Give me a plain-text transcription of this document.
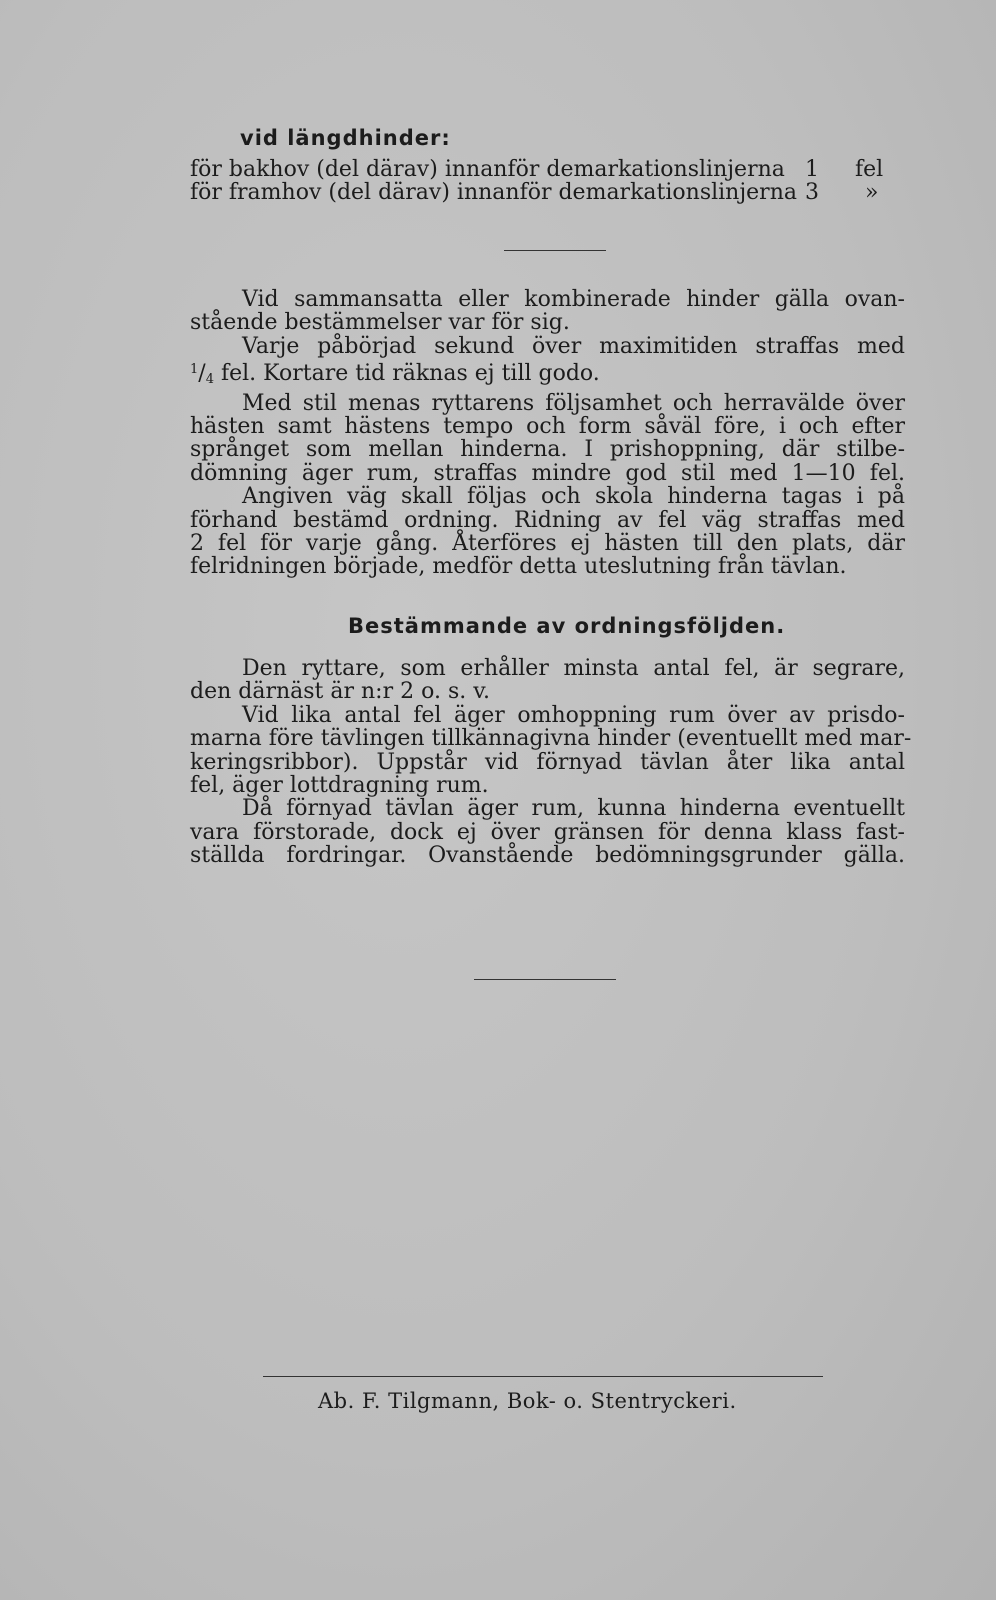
vid längdhinder:
för bakhov (del därav) innanför demarkationslinjerna 1 fel
för framhov (del därav) innanför demarkationslinjerna 3 »
Vid sammansatta eller kombinerade hinder gälla ovan-
stående bestämmelser var för sig.
Varje påbörjad sekund över maximitiden straffas med
$^1/_4$ fel. Kortare tid räknas ej till godo.
Med stil menas ryttarens följsamhet och herravälde över
hästen samt hästens tempo och form såväl före, i och efter
språnget som mellan hinderna. I prishoppning, där stilbe-
dömning äger rum, straffas mindre god stil med 1—10 fel.
Angiven väg skall följas och skola hinderna tagas i på
förhand bestämd ordning. Ridning av fel väg straffas med
2 fel för varje gång. Återföres ej hästen till den plats, där
felridningen började, medför detta uteslutning från tävlan.
Bestämmande av ordningsföljden.
Den ryttare, som erhåller minsta antal fel, är segrare,
den därnäst är n:r 2 o. s. v.
Vid lika antal fel äger omhoppning rum över av prisdo-
marna före tävlingen tillkännagivna hinder (eventuellt med mar-
keringsribbor). Uppstår vid förnyad tävlan åter lika antal
fel, äger lottdragning rum.
Då förnyad tävlan äger rum, kunna hinderna eventuellt
vara förstorade, dock ej över gränsen för denna klass fast-
ställda fordringar. Ovanstående bedömningsgrunder gälla.
Ab. F. Tilgmann, Bok- o. Stentryckeri.
